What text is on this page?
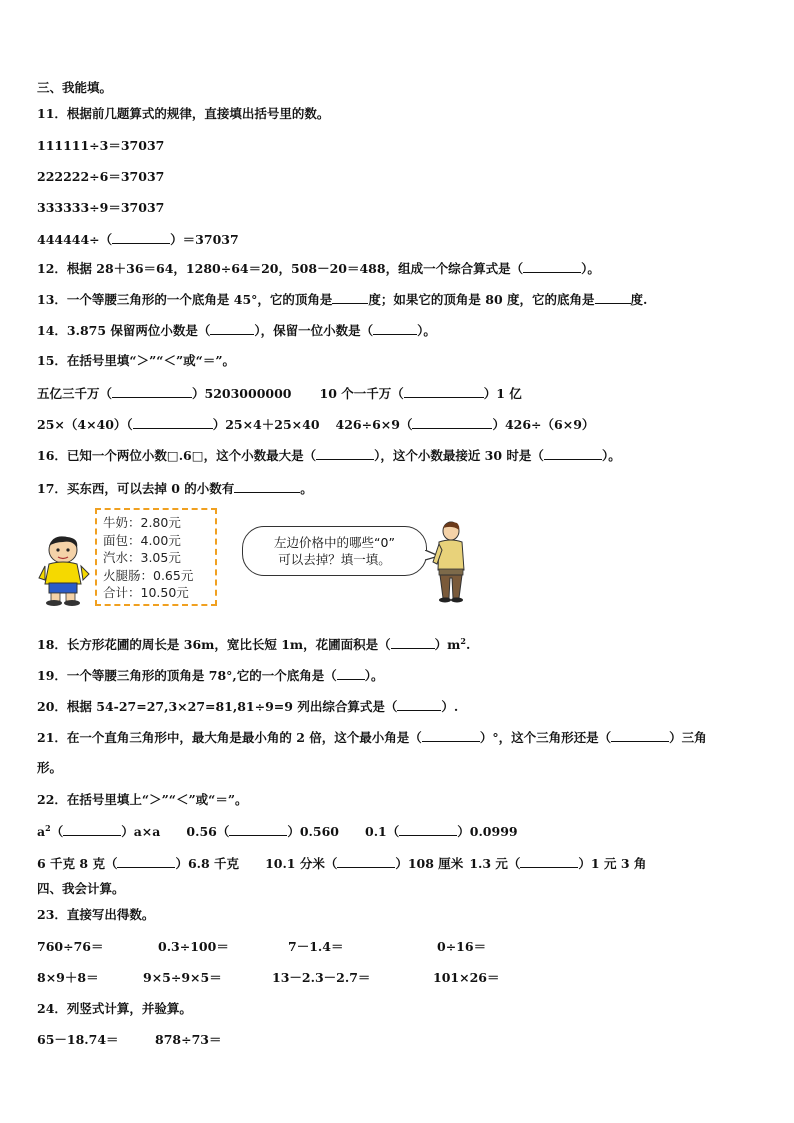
三、我能填。
11．根据前几题算式的规律，直接填出括号里的数。
111111÷3＝37037
222222÷6＝37037
333333÷9＝37037
444444÷（	）＝37037
12．根据 28＋36＝64，1280÷64＝20，508－20＝488，组成一个综合算式是（	）。
13．一个等腰三角形的一个底角是 45°，它的顶角是	度；如果它的顶角是 80 度，它的底角是	度.
14．3.875 保留两位小数是（	），保留一位小数是（	）。
15．在括号里填“＞”“＜”或“＝”。
五亿三千万（	）5203000000 10 个一千万（	）1 亿
25×（4×40）（	）25×4＋25×40 426÷6×9（	）426÷（6×9）
16．已知一个两位小数□.6□，这个小数最大是（	），这个小数最接近 30 时是（	）。
17．买东西，可以去掉 0 的小数有	。
牛奶：2.80元
面包：4.00元
汽水：3.05元
火腿肠：0.65元
合计：10.50元
左边价格中的哪些“0”
可以去掉？填一填。
18．长方形花圃的周长是 36m，宽比长短 1m，花圃面积是（	）$m^2$.
19．一个等腰三角形的顶角是 78°,它的一个底角是（ ）。
20．根据 54-27=27,3×27=81,81÷9=9 列出综合算式是（	）.
21．在一个直角三角形中，最大角是最小角的 2 倍，这个最小角是（	）°，这个三角形还是（	）三角
形。
22．在括号里填上“＞”“＜”或“＝”。
$a^2$（	）a×a 0.56（	）0.560 0.1（	）0.0999
6 千克 8 克（	）6.8 千克 10.1 分米（	）108 厘米 1.3 元（	）1 元 3 角
四、我会计算。
23．直接写出得数。
760÷76＝	0.3÷100＝	7－1.4＝	0÷16＝
8×9＋8＝	9×5÷9×5＝	13－2.3－2.7＝	101×26＝
24．列竖式计算，并验算。
65－18.74＝	878÷73＝
